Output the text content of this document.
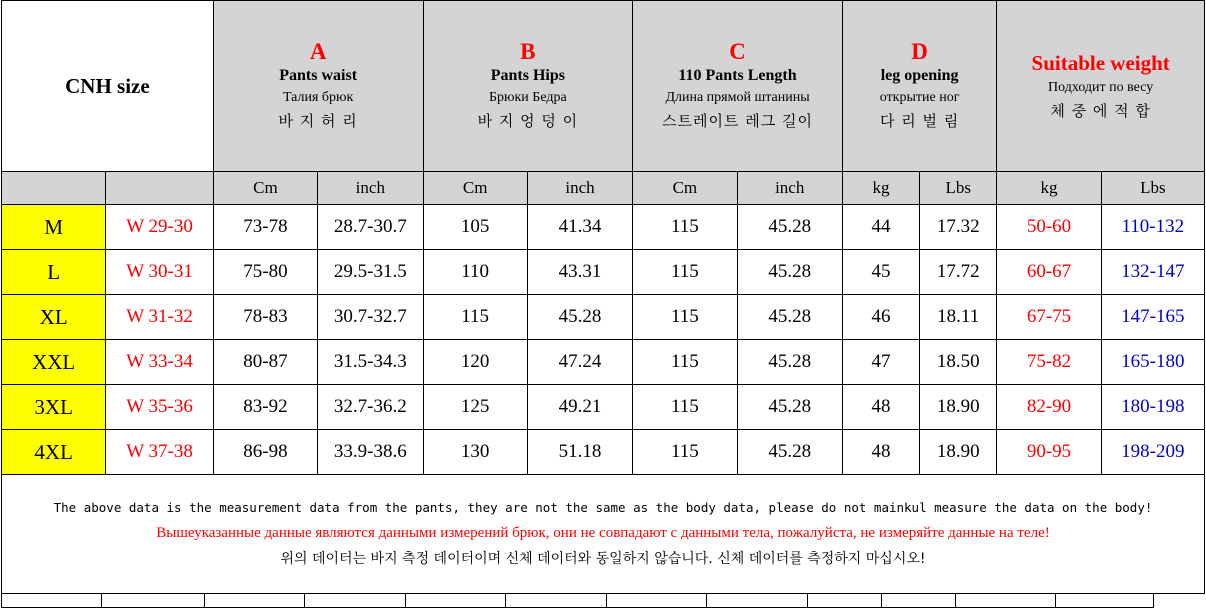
CNH size

A
Pants waist
Талия брюк
바 지 허 리

B
Pants Hips
Брюки Бедра
바 지 엉 덩 이

C
110 Pants Length
Длина прямой штанины
스트레이트 레그 길이

D
leg opening
открытие ног
다 리 벌 림

Suitable weight
Подходит по весу
체 중 에 적 합

		Cm	inch	Cm	inch	Cm	inch	kg	Lbs	kg	Lbs
M	W 29-30	73-78	28.7-30.7	105	41.34	115	45.28	44	17.32	50-60	110-132
L	W 30-31	75-80	29.5-31.5	110	43.31	115	45.28	45	17.72	60-67	132-147
XL	W 31-32	78-83	30.7-32.7	115	45.28	115	45.28	46	18.11	67-75	147-165
XXL	W 33-34	80-87	31.5-34.3	120	47.24	115	45.28	47	18.50	75-82	165-180
3XL	W 35-36	83-92	32.7-36.2	125	49.21	115	45.28	48	18.90	82-90	180-198
4XL	W 37-38	86-98	33.9-38.6	130	51.18	115	45.28	48	18.90	90-95	198-209

The above data is the measurement data from the pants, they are not the same as the body data, please do not mainkul measure the data on the body!
Вышеуказанные данные являются данными измерений брюк, они не совпадают с данными тела, пожалуйста, не измеряйте данные на теле!
위의 데이터는 바지 측정 데이터이며 신체 데이터와 동일하지 않습니다. 신체 데이터를 측정하지 마십시오!											
